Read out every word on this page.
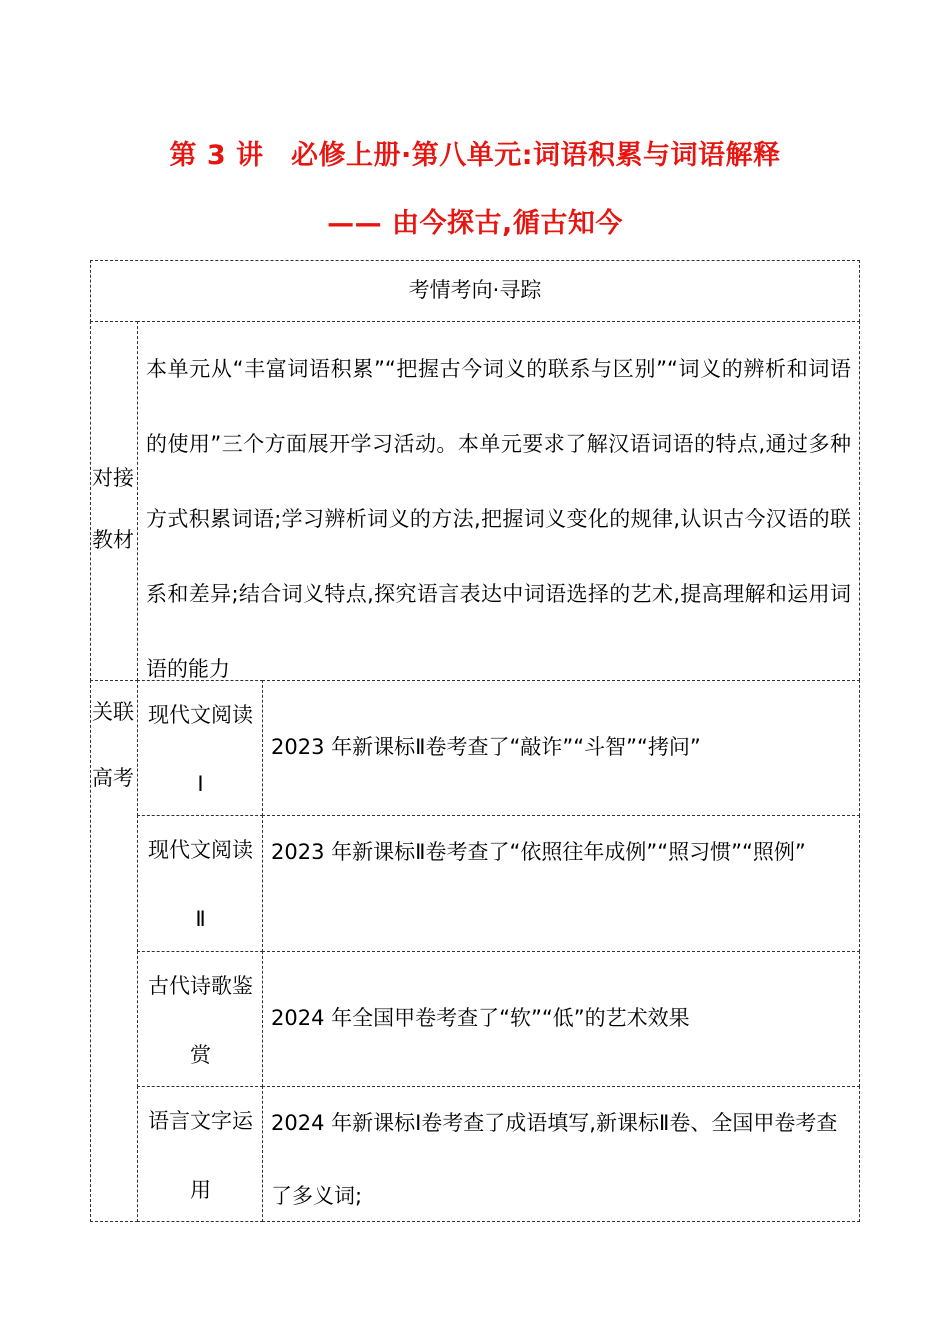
第 3 讲　必修上册·第八单元:词语积累与词语解释
—— 由今探古,循古知今
考情考向·寻踪
对接
教材
本单元从“丰富词语积累”“把握古今词义的联系与区别”“词义的辨析和词语的使用”三个方面展开学习活动。本单元要求了解汉语词语的特点,通过多种方式积累词语;学习辨析词义的方法,把握词义变化的规律,认识古今汉语的联系和差异;结合词义特点,探究语言表达中词语选择的艺术,提高理解和运用词语的能力
关联
高考
现代文阅读
Ⅰ
2023 年新课标Ⅱ卷考查了“敲诈”“斗智”“拷问”
现代文阅读
Ⅱ
2023 年新课标Ⅱ卷考查了“依照往年成例”“照习惯”“照例”
古代诗歌鉴
赏
2024 年全国甲卷考查了“软”“低”的艺术效果
语言文字运
用
2024 年新课标Ⅰ卷考查了成语填写,新课标Ⅱ卷、全国甲卷考查了多义词;
